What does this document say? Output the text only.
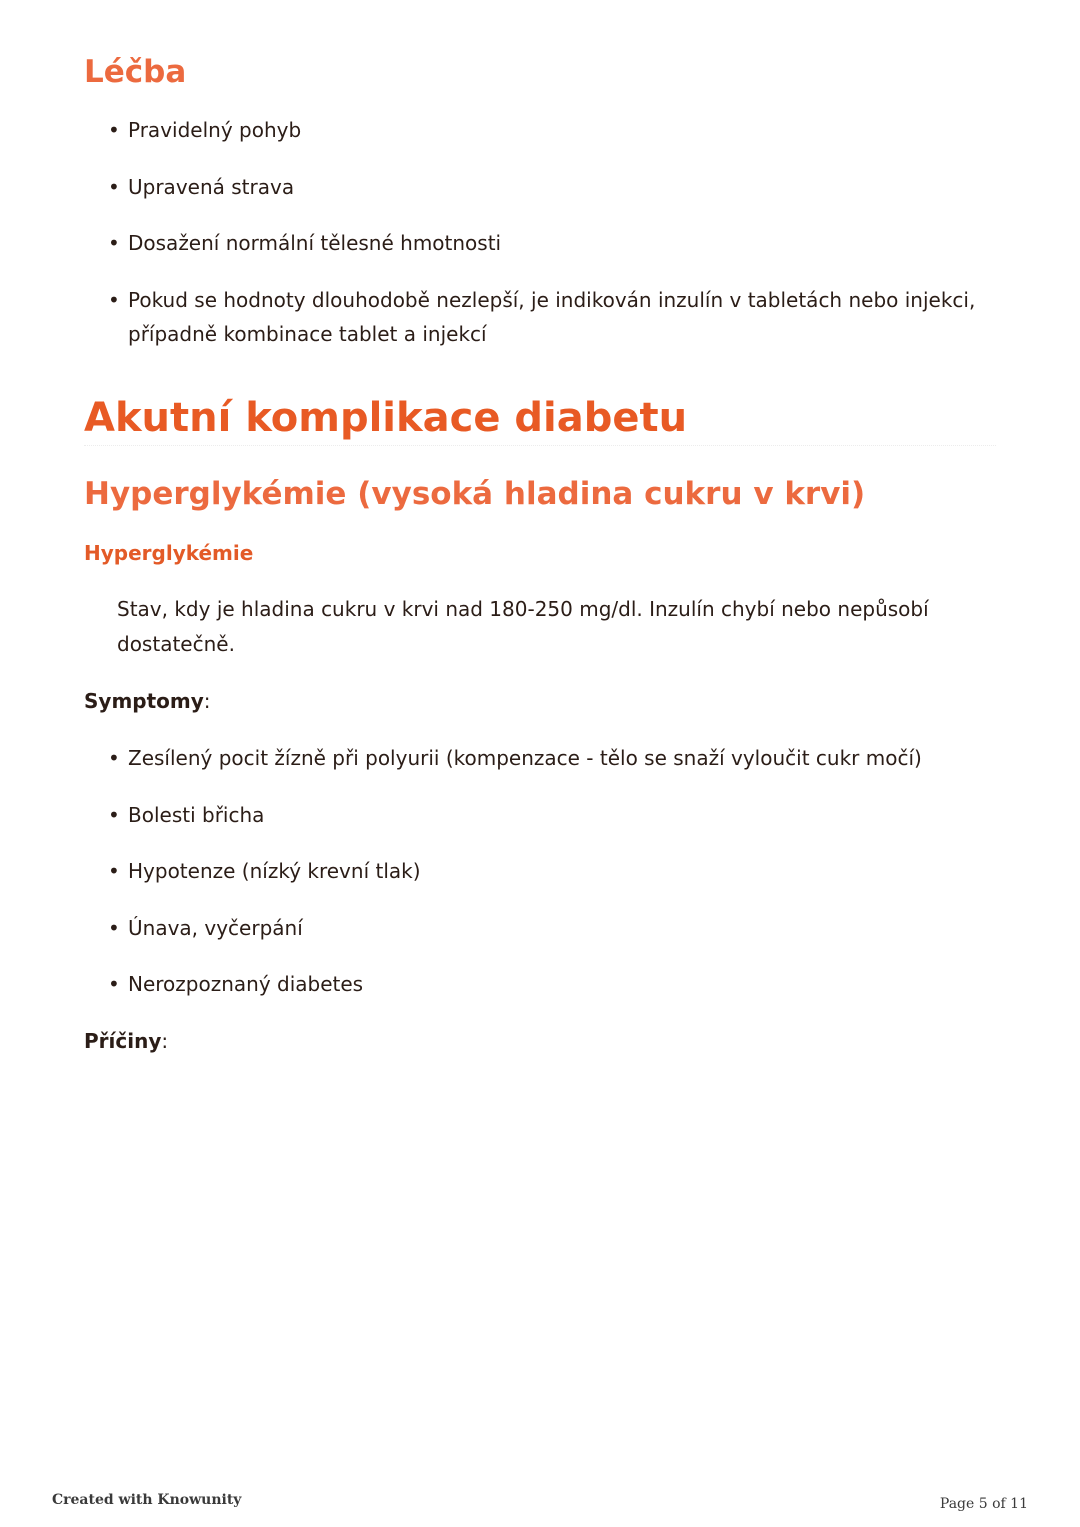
Léčba
• Pravidelný pohyb
• Upravená strava
• Dosažení normální tělesné hmotnosti
• Pokud se hodnoty dlouhodobě nezlepší, je indikován inzulín v tabletách nebo injekci, případně kombinace tablet a injekcí
Akutní komplikace diabetu
Hyperglykémie (vysoká hladina cukru v krvi)
Hyperglykémie

Stav, kdy je hladina cukru v krvi nad 180-250 mg/dl. Inzulín chybí nebo nepůsobí dostatečně.

Symptomy:

• Zesílený pocit žízně při polyurii (kompenzace - tělo se snaží vyloučit cukr močí)
• Bolesti břicha
• Hypotenze (nízký krevní tlak)
• Únava, vyčerpání
• Nerozpoznaný diabetes

Příčiny:

Created with Knowunity	Page 5 of 11
